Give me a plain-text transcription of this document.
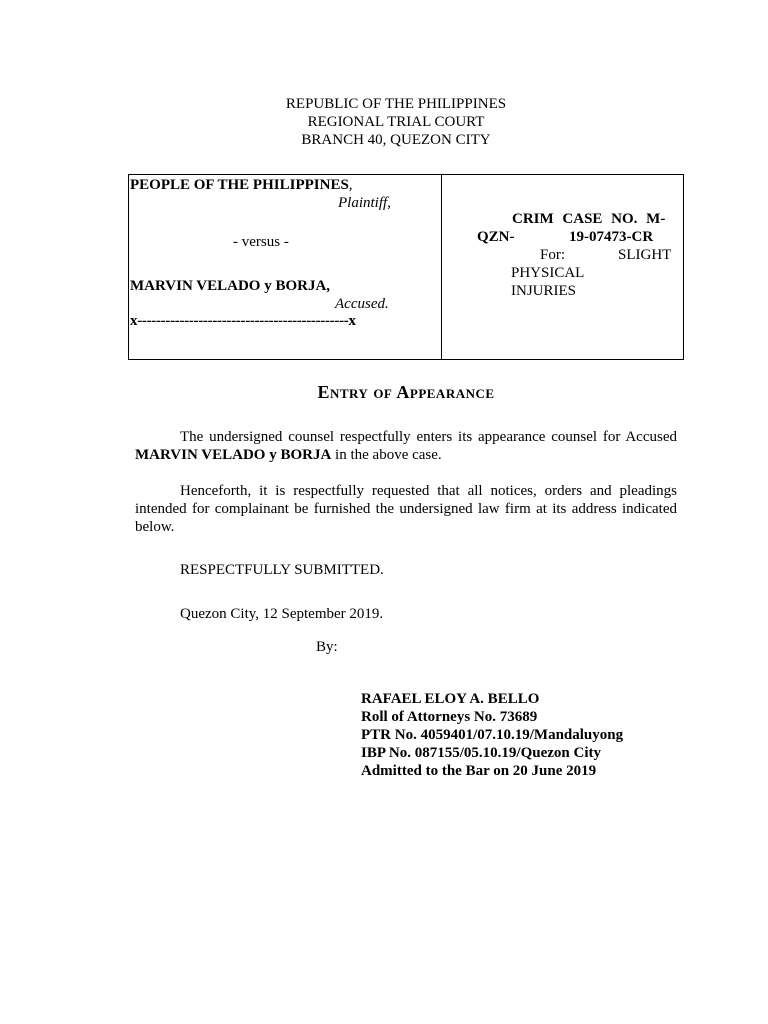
REPUBLIC OF THE PHILIPPINES
REGIONAL TRIAL COURT
BRANCH 40, QUEZON CITY
PEOPLE OF THE PHILIPPINES,
Plaintiff,
- versus -
MARVIN VELADO y BORJA,
Accused.
x---------------------------------------------x
CRIM CASE NO. M-
QZN-	19-07473-CR
For:	SLIGHT
PHYSICAL
INJURIES
Entry of Appearance
The undersigned counsel respectfully enters its appearance counsel for Accused MARVIN VELADO y BORJA in the above case.
Henceforth, it is respectfully requested that all notices, orders and pleadings intended for complainant be furnished the undersigned law firm at its address indicated below.
RESPECTFULLY SUBMITTED.
Quezon City, 12 September 2019.
By:
RAFAEL ELOY A. BELLO
Roll of Attorneys No. 73689
PTR No. 4059401/07.10.19/Mandaluyong
IBP No. 087155/05.10.19/Quezon City
Admitted to the Bar on 20 June 2019
